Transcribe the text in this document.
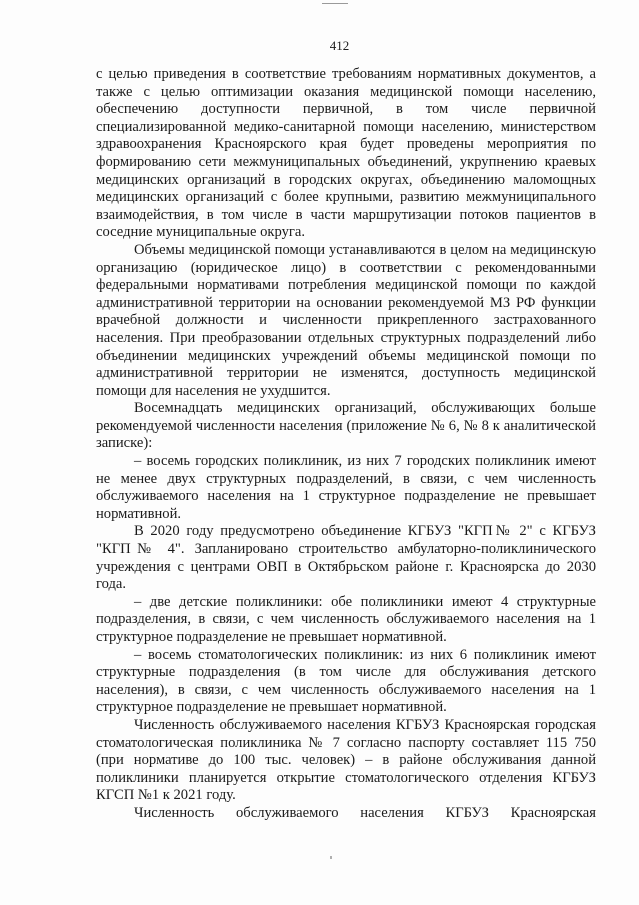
412

с целью приведения в соответствие требованиям нормативных документов, а также с целью оптимизации оказания медицинской помощи населению, обеспечению доступности первичной, в том числе первичной специализированной медико-санитарной помощи населению, министерством здравоохранения Красноярского края будет проведены мероприятия по формированию сети межмуниципальных объединений, укрупнению краевых медицинских организаций в городских округах, объединению маломощных медицинских организаций с более крупными, развитию межмуниципального взаимодействия, в том числе в части маршрутизации потоков пациентов в соседние муниципальные округа.

Объемы медицинской помощи устанавливаются в целом на медицинскую организацию (юридическое лицо) в соответствии с рекомендованными федеральными нормативами потребления медицинской помощи по каждой административной территории на основании рекомендуемой МЗ РФ функции врачебной должности и численности прикрепленного застрахованного населения. При преобразовании отдельных структурных подразделений либо объединении медицинских учреждений объемы медицинской помощи по административной территории не изменятся, доступность медицинской помощи для населения не ухудшится.

Восемнадцать медицинских организаций, обслуживающих больше рекомендуемой численности населения (приложение № 6, № 8 к аналитической записке):

– восемь городских поликлиник, из них 7 городских поликлиник имеют не менее двух структурных подразделений, в связи, с чем численность обслуживаемого населения на 1 структурное подразделение не превышает нормативной.

В 2020 году предусмотрено объединение КГБУЗ "КГП№ 2" с КГБУЗ "КГП№ 4". Запланировано строительство амбулаторно-поликлинического учреждения с центрами ОВП в Октябрьском районе г. Красноярска до 2030 года.

– две детские поликлиники: обе поликлиники имеют 4 структурные подразделения, в связи, с чем численность обслуживаемого населения на 1 структурное подразделение не превышает нормативной.

– восемь стоматологических поликлиник: из них 6 поликлиник имеют структурные подразделения (в том числе для обслуживания детского населения), в связи, с чем численность обслуживаемого населения на 1 структурное подразделение не превышает нормативной.

Численность обслуживаемого населения КГБУЗ Красноярская городская стоматологическая поликлиника № 7 согласно паспорту составляет 115 750 (при нормативе до 100 тыс. человек) – в районе обслуживания данной поликлиники планируется открытие стоматологического отделения КГБУЗ КГСП №1 к 2021 году.

Численность обслуживаемого населения КГБУЗ Красноярская
